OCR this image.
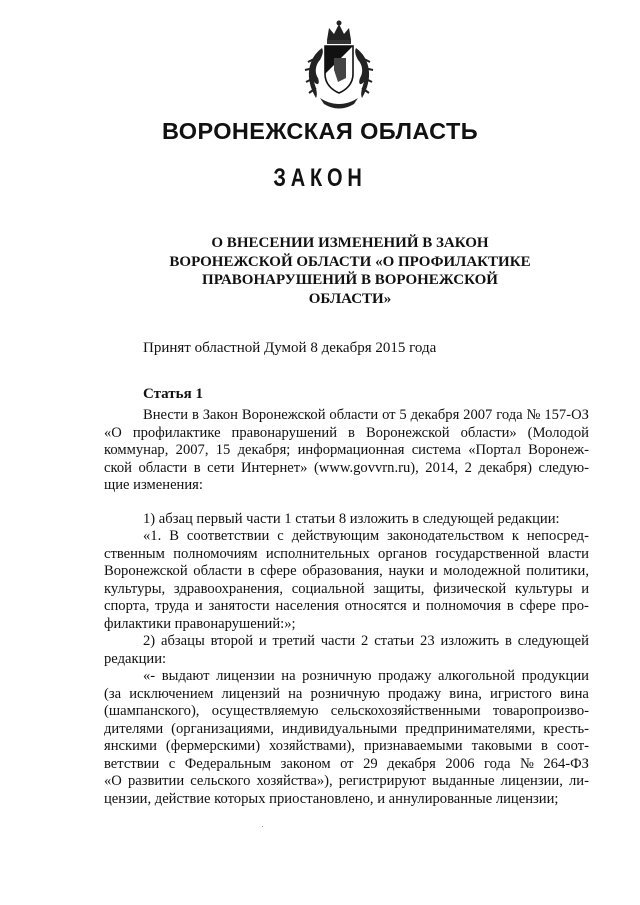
ВОРОНЕЖСКАЯ ОБЛАСТЬ
ЗАКОН
О ВНЕСЕНИИ ИЗМЕНЕНИЙ В ЗАКОН
ВОРОНЕЖСКОЙ ОБЛАСТИ «О ПРОФИЛАКТИКЕ
ПРАВОНАРУШЕНИЙ В ВОРОНЕЖСКОЙ
ОБЛАСТИ»
Принят областной Думой 8 декабря 2015 года
Статья 1
Внести в Закон Воронежской области от 5 декабря 2007 года № 157-ОЗ
«О профилактике правонарушений в Воронежской области» (Молодой
коммунар, 2007, 15 декабря; информационная система «Портал Воронеж-
ской области в сети Интернет» (www.govvrn.ru), 2014, 2 декабря) следую-
щие изменения:
1) абзац первый части 1 статьи 8 изложить в следующей редакции:
«1. В соответствии с действующим законодательством к непосред-
ственным полномочиям исполнительных органов государственной власти
Воронежской области в сфере образования, науки и молодежной политики,
культуры, здравоохранения, социальной защиты, физической культуры и
спорта, труда и занятости населения относятся и полномочия в сфере про-
филактики правонарушений:»;
2) абзацы второй и третий части 2 статьи 23 изложить в следующей
редакции:
«- выдают лицензии на розничную продажу алкогольной продукции
(за исключением лицензий на розничную продажу вина, игристого вина
(шампанского), осуществляемую сельскохозяйственными товаропроизво-
дителями (организациями, индивидуальными предпринимателями, кресть-
янскими (фермерскими) хозяйствами), признаваемыми таковыми в соот-
ветствии с Федеральным законом от 29 декабря 2006 года № 264-ФЗ
«О развитии сельского хозяйства»), регистрируют выданные лицензии, ли-
цензии, действие которых приостановлено, и аннулированные лицензии;
